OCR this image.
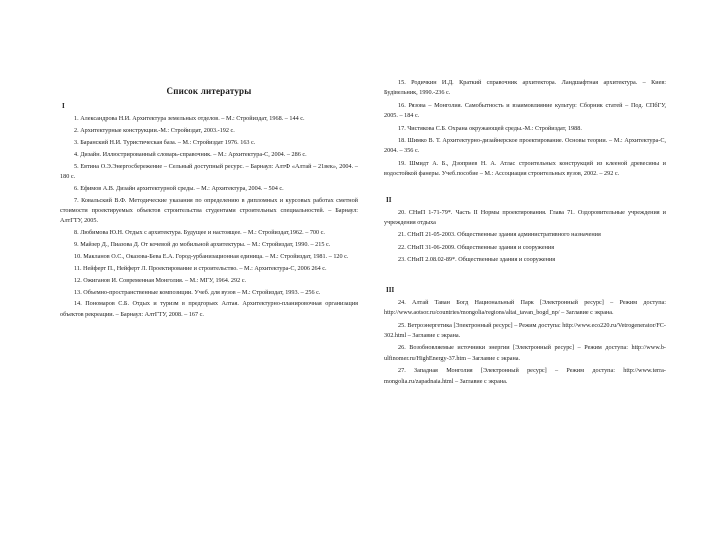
Список литературы
I

1. Александрова Н.И. Архитектура земельных отделов. – М.: Стройиздат, 1968. – 144 с.

2. Архитектурные конструкции.-М.: Стройиздат, 2003.-192 с.

3. Баранский Н.И. Туристическая база. – М.: Стройиздат 1976. 163 с.

4. Дизайн. Иллюстрированный словарь-справочник. – М.: Архитектура-С, 2004. – 286 с.

5. Евтина О.Э.Энергосбережение – Сельный доступный ресурс. – Барнаул: АлтФ «Алтай – 21век», 2004. – 180 с.

6. Ефимов А.В. Дизайн архитектурной среды. – М.: Архитектура, 2004. – 504 с.

7. Ковальский В.Ф. Методические указания по определению в дипломных и курсовых работах сметной стоимости проектируемых объектов строительства студентами строительных специальностей. – Барнаул: АлтГТУ, 2005.

8. Любимова Ю.Н. Отдых с архитектура. Будущее и настоящее. – М.: Стройиздат,1962. – 700 с.

9. Майзер Д., Пиазова Д. От кочевой до мобильной архитектуры. – М.: Стройиздат, 1990. – 215 с.

10. Макланов О.С., Оказова-Бева Е.А. Город-урбанизационная единица. – М.: Стройиздат, 1981. – 120 с.

11. Нейферт П., Нейферт Л. Проектирование и строительство. – М.: Архитектура-С, 2006 264 с.

12. Ожиганов И. Современная Монголия. – М.: МГУ, 1964. 292 с.

13. Объемно-пространственные композиции. Учеб. для вузов – М.: Стройиздат, 1993. – 256 с.

14. Пономаров С.Б. Отдых и туризм в предгорьях Алтая. Архитектурно-планировочная организация объектов рекреации. – Барнаул: АлтГТУ, 2008. – 167 с.

15. Родичкин И.Д. Краткий справочник архитектора. Ландшафтная архитектура. – Киев: Будівельник, 1990.-236 с.

16. Рязова – Монголия. Самобытность и взаимовлияние культур: Сборник статей – Под. СПбГУ, 2005. – 184 с.

17. Чистякова С.Б. Охрана окружающей среды.-М.: Стройиздат, 1988.

18. Шимко В. Т. Архитектурно-дизайнерское проектирование. Основы теории. – М.: Архитектура-С, 2004. – 356 с.

19. Шмидт А. Б., Дзоприев Н. А. Атлас строительных конструкций из клееной древесины и водостойкой фанеры. Учеб.пособие – М.: Ассоциация строительных вузов, 2002. – 292 с.

II

20. СНиП 1-71-79*. Часть II Нормы проектирования. Глава 71. Оздоровительные учреждения и учреждения отдыха

21. СНиП 21-05-2003. Общественные здания административного назначения

22. СНиП 31-06-2009. Общественные здания и сооружения

23. СНиП 2.08.02-89*. Общественные здания и сооружения

III

24. Алтай Таван Богд Национальный Парк [Электронный ресурс] – Режим доступа: http://www.aotsor.ru/countries/mongolia/regions/altai_tavan_bogd_np/ – Заглавие с экрана.

25. Ветроэнергетика [Электронный ресурс] – Режим доступа: http://www.eco220.ru/Vetrogenerator/FC-302.html – Заглавие с экрана.

26. Возобновляемые источники энергии [Электронный ресурс] – Режим доступа: http://www.b-ulfinomer.ru/HighEnergy-37.htm – Заглавие с экрана.

27. Западная Монголия [Электронный ресурс] – Режим доступа: http://www.terra-mongolia.ru/zapadnaia.html – Заглавие с экрана.
